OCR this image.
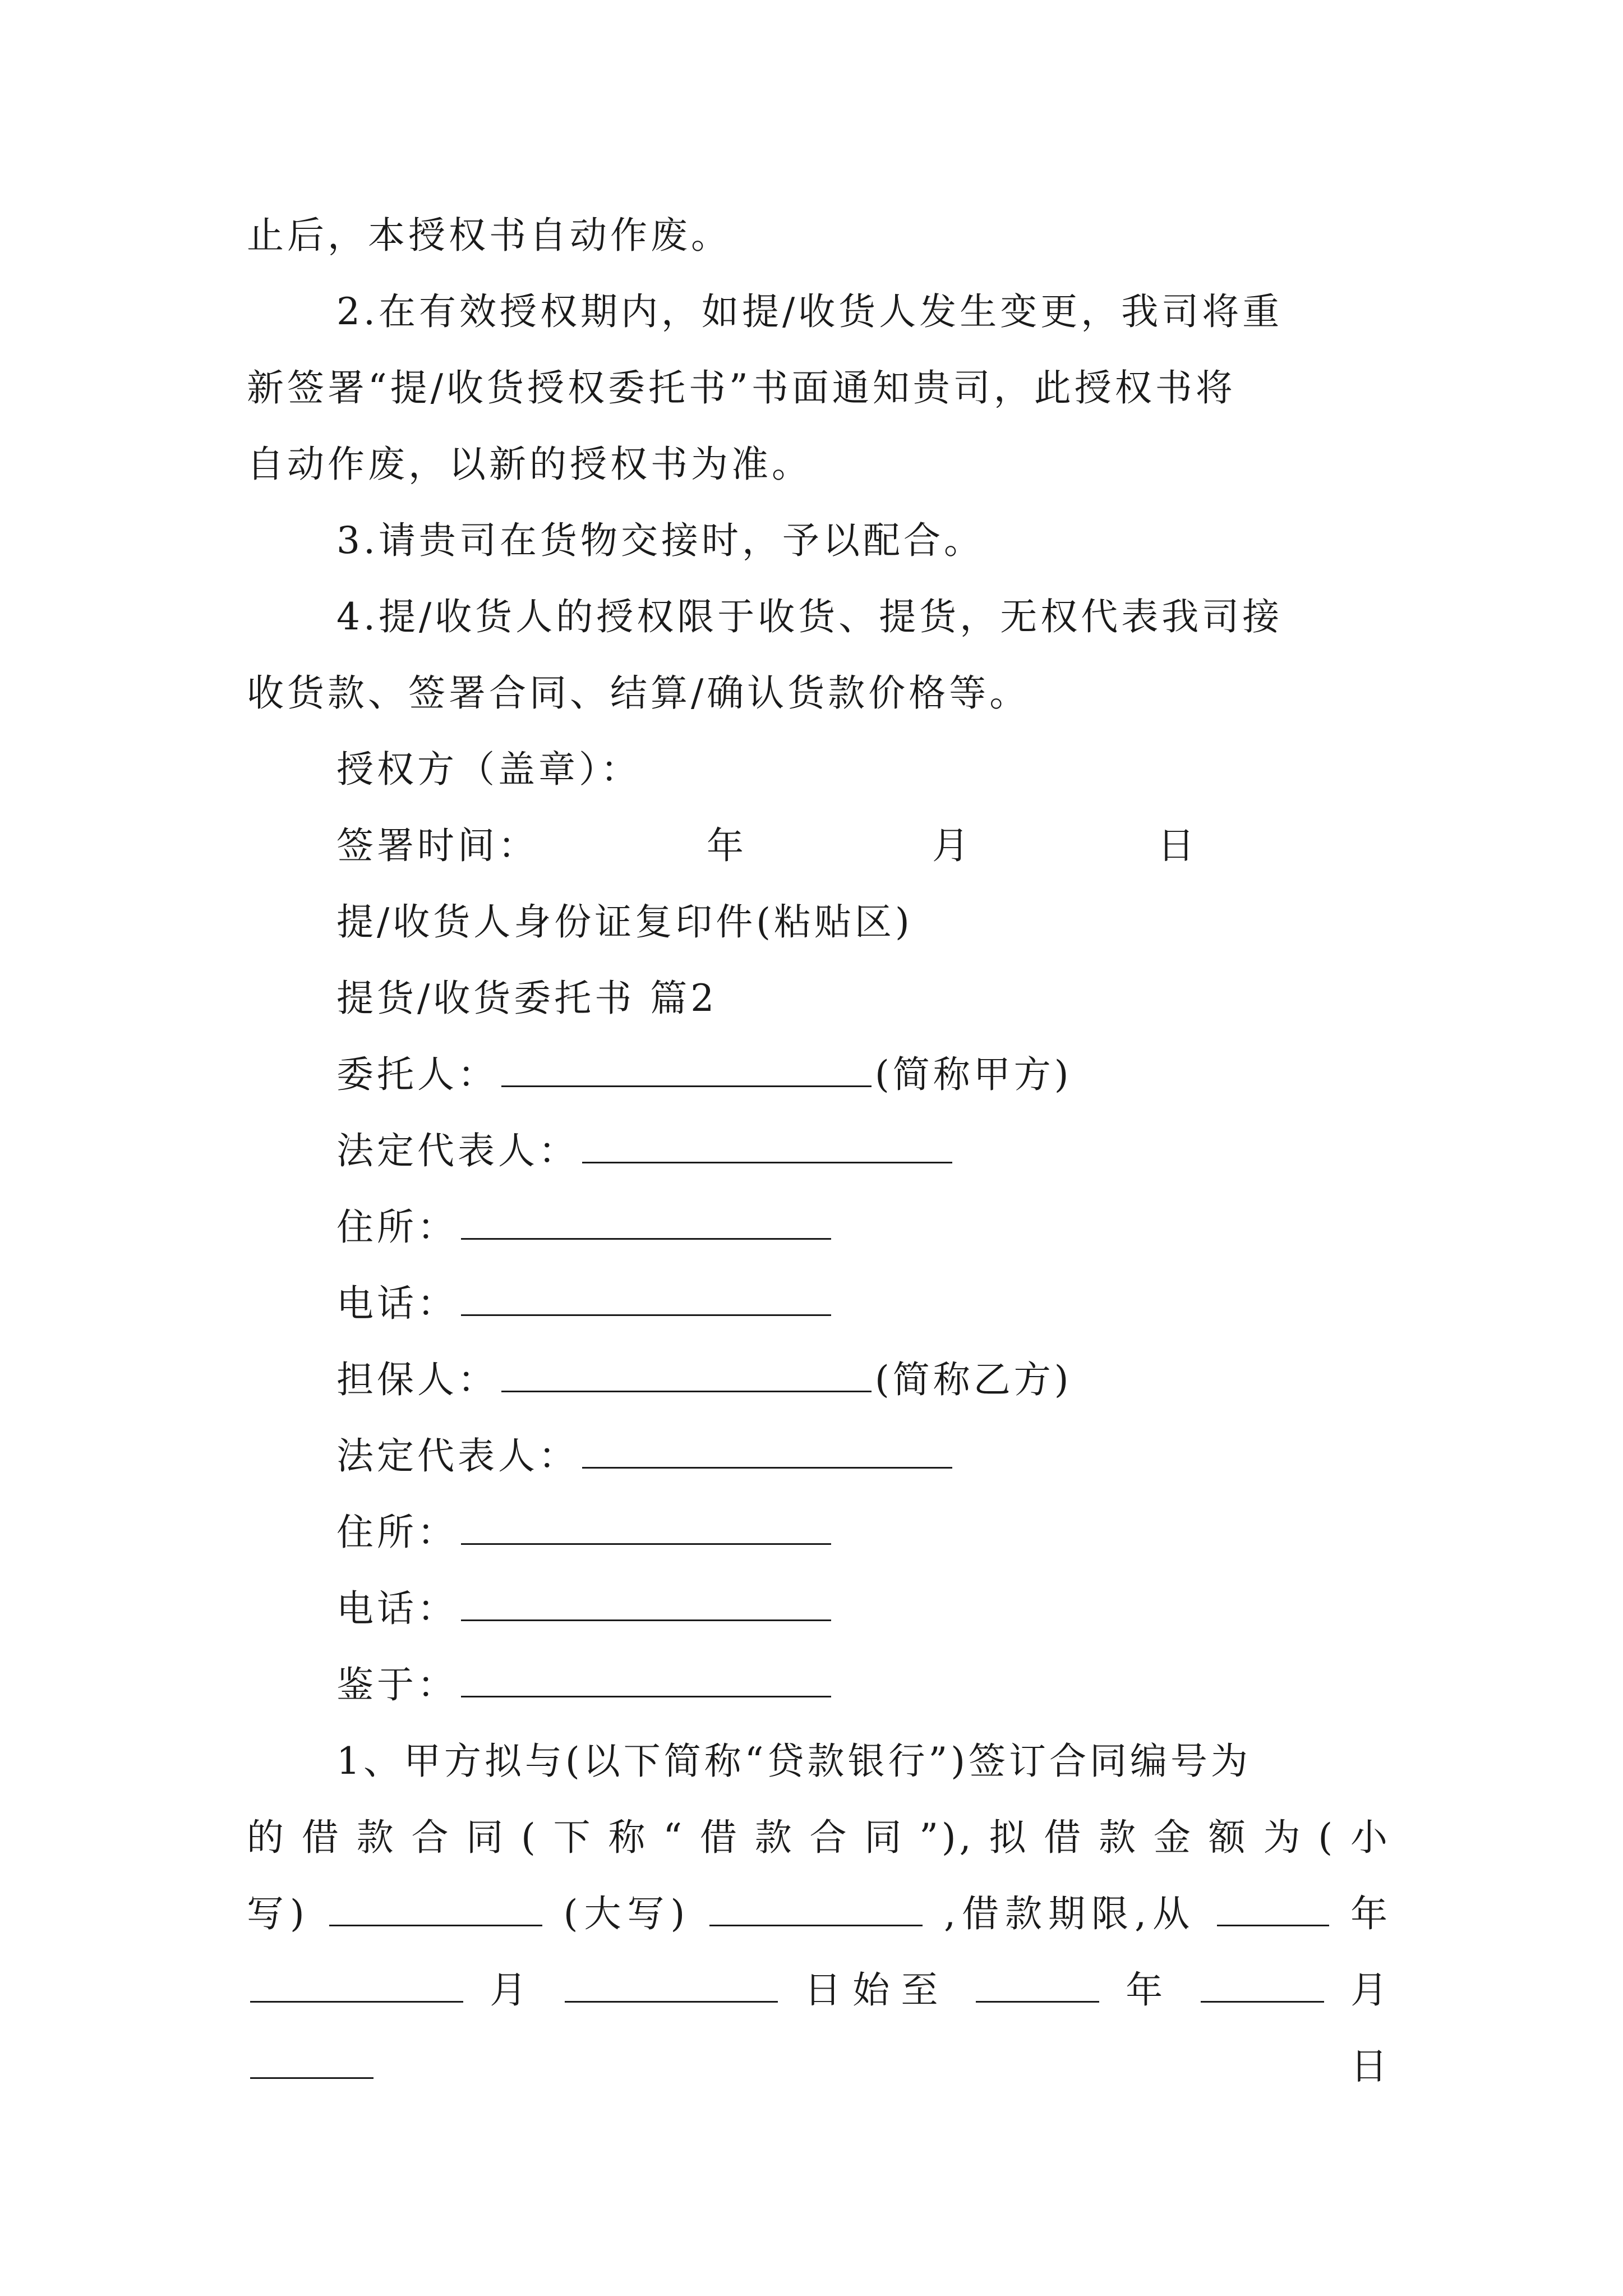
止后，本授权书自动作废。
2.在有效授权期内，如提/收货人发生变更，我司将重
新签署“提/收货授权委托书”书面通知贵司，此授权书将
自动作废，以新的授权书为准。
3.请贵司在货物交接时，予以配合。
4.提/收货人的授权限于收货、提货，无权代表我司接
收货款、签署合同、结算/确认货款价格等。
授权方（盖章）：
签署时间：	年	月	日
提/收货人身份证复印件(粘贴区)
提货/收货委托书 篇2
委托人：	(简称甲方)
法定代表人：
住所：
电话：
担保人：	(简称乙方)
法定代表人：
住所：
电话：
鉴于：
1、甲方拟与(以下简称“贷款银行”)签订合同编号为
的借款合同(下称“借款合同”),拟借款金额为(小
写)	(大写)	,借款期限,从	年
月	日始至	年	月  日
